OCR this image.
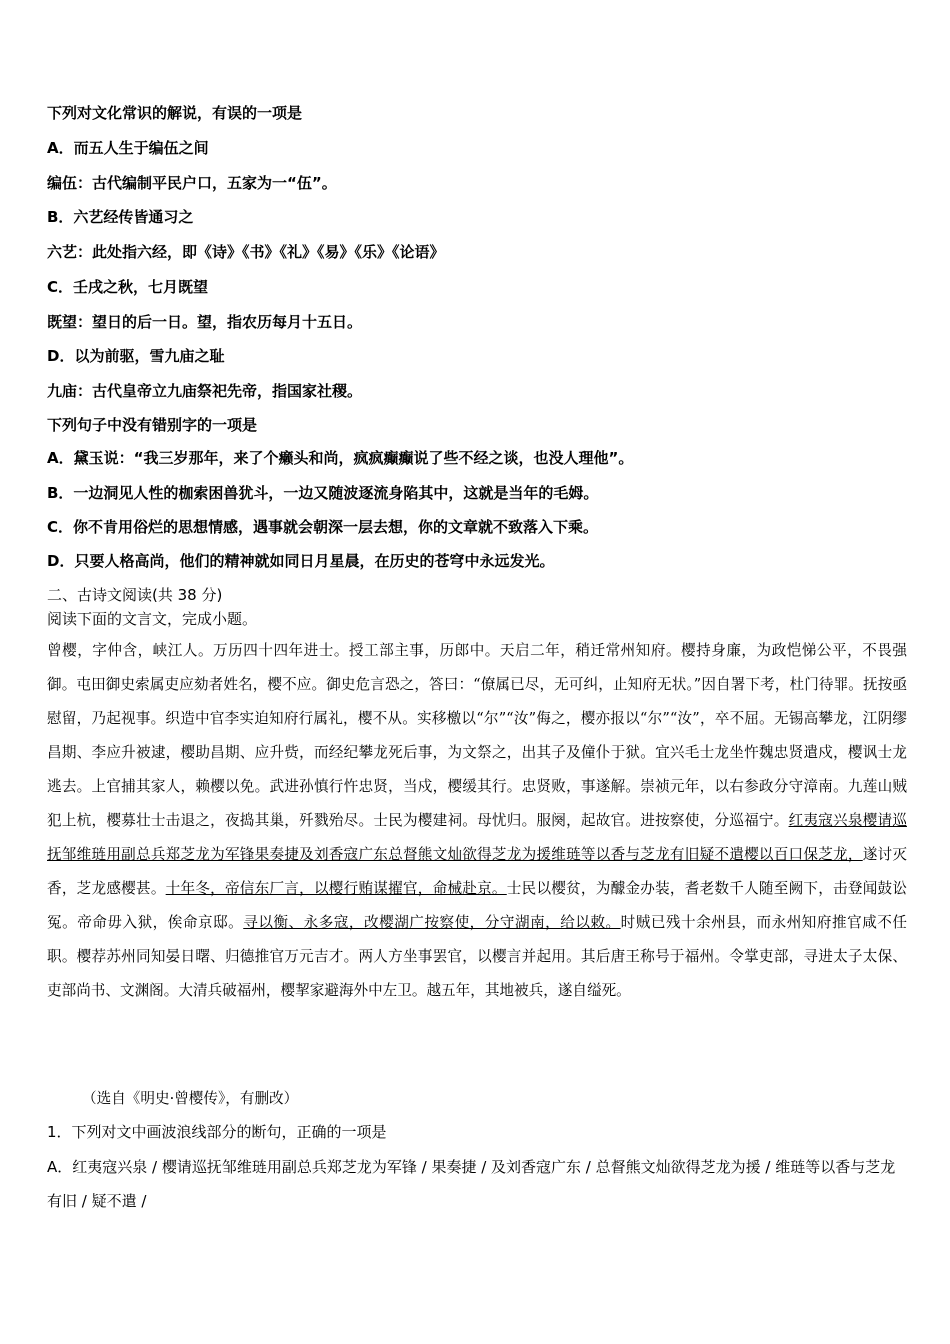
下列对文化常识的解说，有误的一项是
A．而五人生于编伍之间
编伍：古代编制平民户口，五家为一“伍”。
B．六艺经传皆通习之
六艺：此处指六经，即《诗》《书》《礼》《易》《乐》《论语》
C．壬戌之秋，七月既望
既望：望日的后一日。望，指农历每月十五日。
D．以为前驱，雪九庙之耻
九庙：古代皇帝立九庙祭祀先帝，指国家社稷。
下列句子中没有错别字的一项是
A．黛玉说：“我三岁那年，来了个癞头和尚，疯疯癫癫说了些不经之谈，也没人理他”。
B．一边洞见人性的枷索困兽犹斗，一边又随波逐流身陷其中，这就是当年的毛姆。
C．你不肯用俗烂的思想情感，遇事就会朝深一层去想，你的文章就不致落入下乘。
D．只要人格高尚，他们的精神就如同日月星晨，在历史的苍穹中永远发光。
二、古诗文阅读(共 38 分)
阅读下面的文言文，完成小题。

曾樱，字仲含，峡江人。万历四十四年进士。授工部主事，历郎中。天启二年，稍迁常州知府。樱持身廉，为政恺悌公平，不畏强御。屯田御史索属吏应劾者姓名，樱不应。御史危言恐之，答曰：“僚属已尽，无可纠，止知府无状。”因自署下考，杜门待罪。抚按亟慰留，乃起视事。织造中官李实迫知府行属礼，樱不从。实移檄以“尔”“汝”侮之，樱亦报以“尔”“汝”，卒不屈。无锡高攀龙，江阴缪昌期、李应升被逮，樱助昌期、应升赀，而经纪攀龙死后事，为文祭之，出其子及僮仆于狱。宜兴毛士龙坐忤魏忠贤遣戍，樱讽士龙逃去。上官捕其家人，赖樱以免。武进孙慎行忤忠贤，当戍，樱缓其行。忠贤败，事遂解。崇祯元年，以右参政分守漳南。九莲山贼犯上杭，樱募壮士击退之，夜捣其巢，歼戮殆尽。士民为樱建祠。母忧归。服阕，起故官。进按察使，分巡福宁。红夷寇兴泉樱请巡抚邹维琏用副总兵郑芝龙为军锋果奏捷及刘香寇广东总督熊文灿欲得芝龙为援维琏等以香与芝龙有旧疑不遣樱以百口保芝龙，遂讨灭香，芝龙感樱甚。十年冬，帝信东厂言，以樱行贿谋擢官，命械赴京。士民以樱贫，为醵金办装，耆老数千人随至阙下，击登闻鼓讼冤。帝命毋入狱，俟命京邸。寻以衡、永多寇，改樱湖广按察使，分守湖南，给以敕。时贼已残十余州县，而永州知府推官咸不任职。樱荐苏州同知晏日曙、归德推官万元吉才。两人方坐事罢官，以樱言并起用。其后唐王称号于福州。令掌吏部，寻进太子太保、吏部尚书、文渊阁。大清兵破福州，樱挈家避海外中左卫。越五年，其地被兵，遂自缢死。

（选自《明史·曾樱传》，有删改）
1．下列对文中画波浪线部分的断句，正确的一项是

A．红夷寇兴泉 / 樱请巡抚邹维琏用副总兵郑芝龙为军锋 / 果奏捷 / 及刘香寇广东 / 总督熊文灿欲得芝龙为援 / 维琏等以香与芝龙有旧 / 疑不遣 /
